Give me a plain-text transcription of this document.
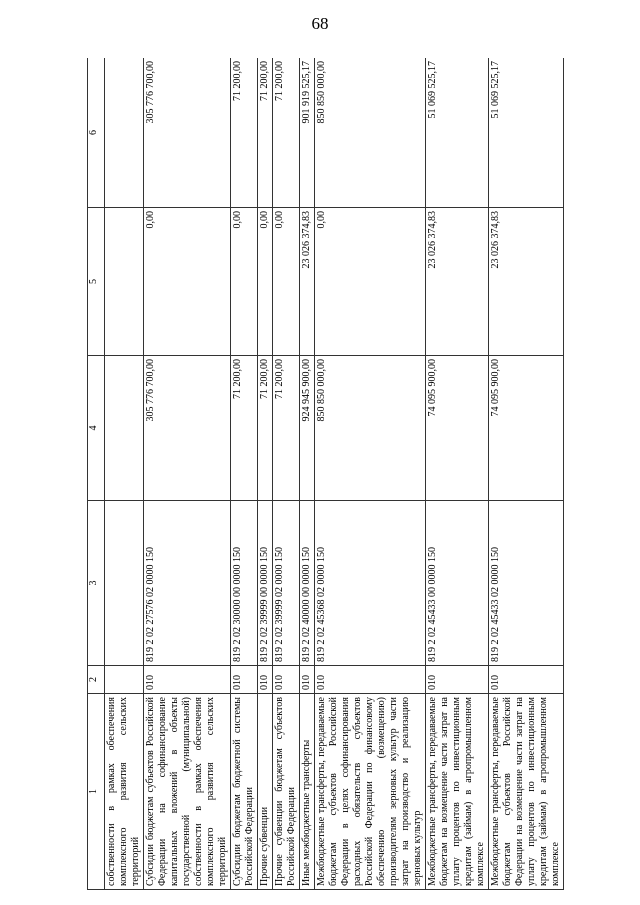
68
1	2	3	4	5	6
собственности в рамках обеспечения комплексного развития сельских территорий					
Субсидии бюджетам субъектов Российской Федерации на софинансирование капитальных вложений в объекты государственной (муниципальной) собственности в рамках обеспечения комплексного развития сельских территорий	010	819 2 02 27576 02 0000 150	305 776 700,00	0,00	305 776 700,00
Субсидии бюджетам бюджетной системы Российской Федерации	010	819 2 02 30000 00 0000 150	71 200,00	0,00	71 200,00
Прочие субвенции	010	819 2 02 39999 00 0000 150	71 200,00	0,00	71 200,00
Прочие субвенции бюджетам субъектов Российской Федерации	010	819 2 02 39999 02 0000 150	71 200,00	0,00	71 200,00
Иные межбюджетные трансферты	010	819 2 02 40000 00 0000 150	924 945 900,00	23 026 374,83	901 919 525,17
Межбюджетные трансферты, передаваемые бюджетам субъектов Российской Федерации в целях софинансирования расходных обязательств субъектов Российской Федерации по финансовому обеспечению (возмещению) производителям зерновых культур части затрат на производство и реализацию зерновых культур	010	819 2 02 45368 02 0000 150	850 850 000,00	0,00	850 850 000,00
Межбюджетные трансферты, передаваемые бюджетам на возмещение части затрат на уплату процентов по инвестиционным кредитам (займам) в агропромышленном комплексе	010	819 2 02 45433 00 0000 150	74 095 900,00	23 026 374,83	51 069 525,17
Межбюджетные трансферты, передаваемые бюджетам субъектов Российской Федерации на возмещение части затрат на уплату процентов по инвестиционным кредитам (займам) в агропромышленном комплексе	010	819 2 02 45433 02 0000 150	74 095 900,00	23 026 374,83	51 069 525,17
